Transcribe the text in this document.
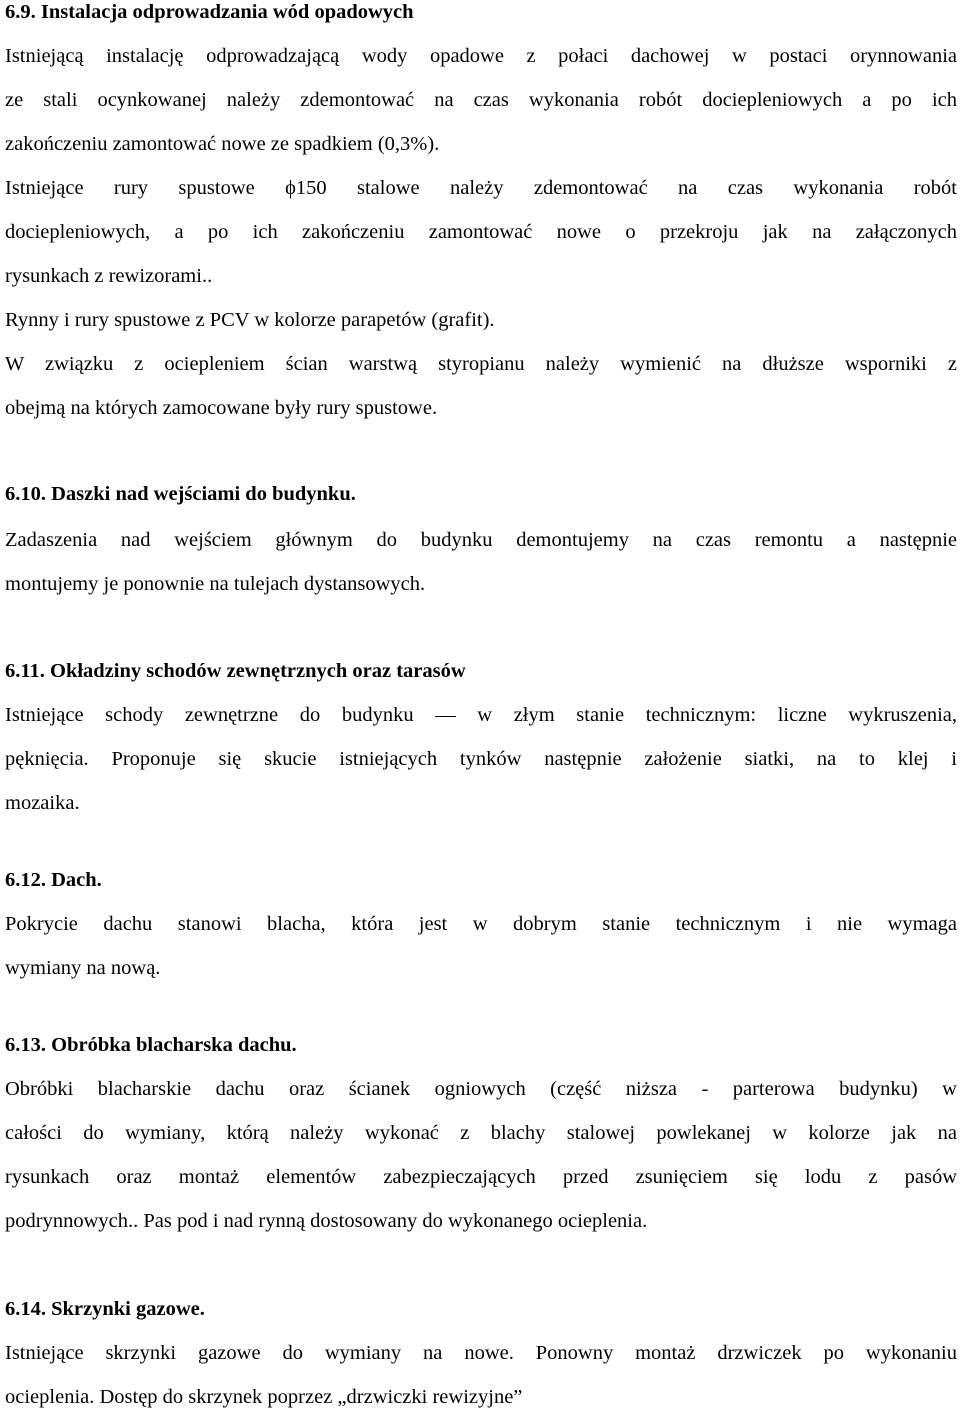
6.9. Instalacja odprowadzania wód opadowych
Istniejącą instalację odprowadzającą wody opadowe z połaci dachowej w postaci orynnowania
ze stali ocynkowanej należy zdemontować na czas wykonania robót dociepleniowych a po ich
zakończeniu zamontować nowe ze spadkiem (0,3%).
Istniejące rury spustowe ϕ150 stalowe należy zdemontować na czas wykonania robót
dociepleniowych, a po ich zakończeniu zamontować nowe o przekroju jak na załączonych
rysunkach z rewizorami..
Rynny i rury spustowe z PCV w kolorze parapetów (grafit).
W związku z ociepleniem ścian warstwą styropianu należy wymienić na dłuższe wsporniki z
obejmą na których zamocowane były rury spustowe.
6.10. Daszki nad wejściami do budynku.
Zadaszenia nad wejściem głównym do budynku demontujemy na czas remontu a następnie
montujemy je ponownie na tulejach dystansowych.
6.11. Okładziny schodów zewnętrznych oraz tarasów
Istniejące schody zewnętrzne do budynku — w złym stanie technicznym: liczne wykruszenia,
pęknięcia. Proponuje się skucie istniejących tynków następnie założenie siatki, na to klej i
mozaika.
6.12. Dach.
Pokrycie dachu stanowi blacha, która jest w dobrym stanie technicznym i nie wymaga
wymiany na nową.
6.13. Obróbka blacharska dachu.
Obróbki blacharskie dachu oraz ścianek ogniowych (część niższa - parterowa budynku) w
całości do wymiany, którą należy wykonać z blachy stalowej powlekanej w kolorze jak na
rysunkach oraz montaż elementów zabezpieczających przed zsunięciem się lodu z pasów
podrynnowych.. Pas pod i nad rynną dostosowany do wykonanego ocieplenia.
6.14. Skrzynki gazowe.
Istniejące skrzynki gazowe do wymiany na nowe. Ponowny montaż drzwiczek po wykonaniu
ocieplenia. Dostęp do skrzynek poprzez „drzwiczki rewizyjne”
